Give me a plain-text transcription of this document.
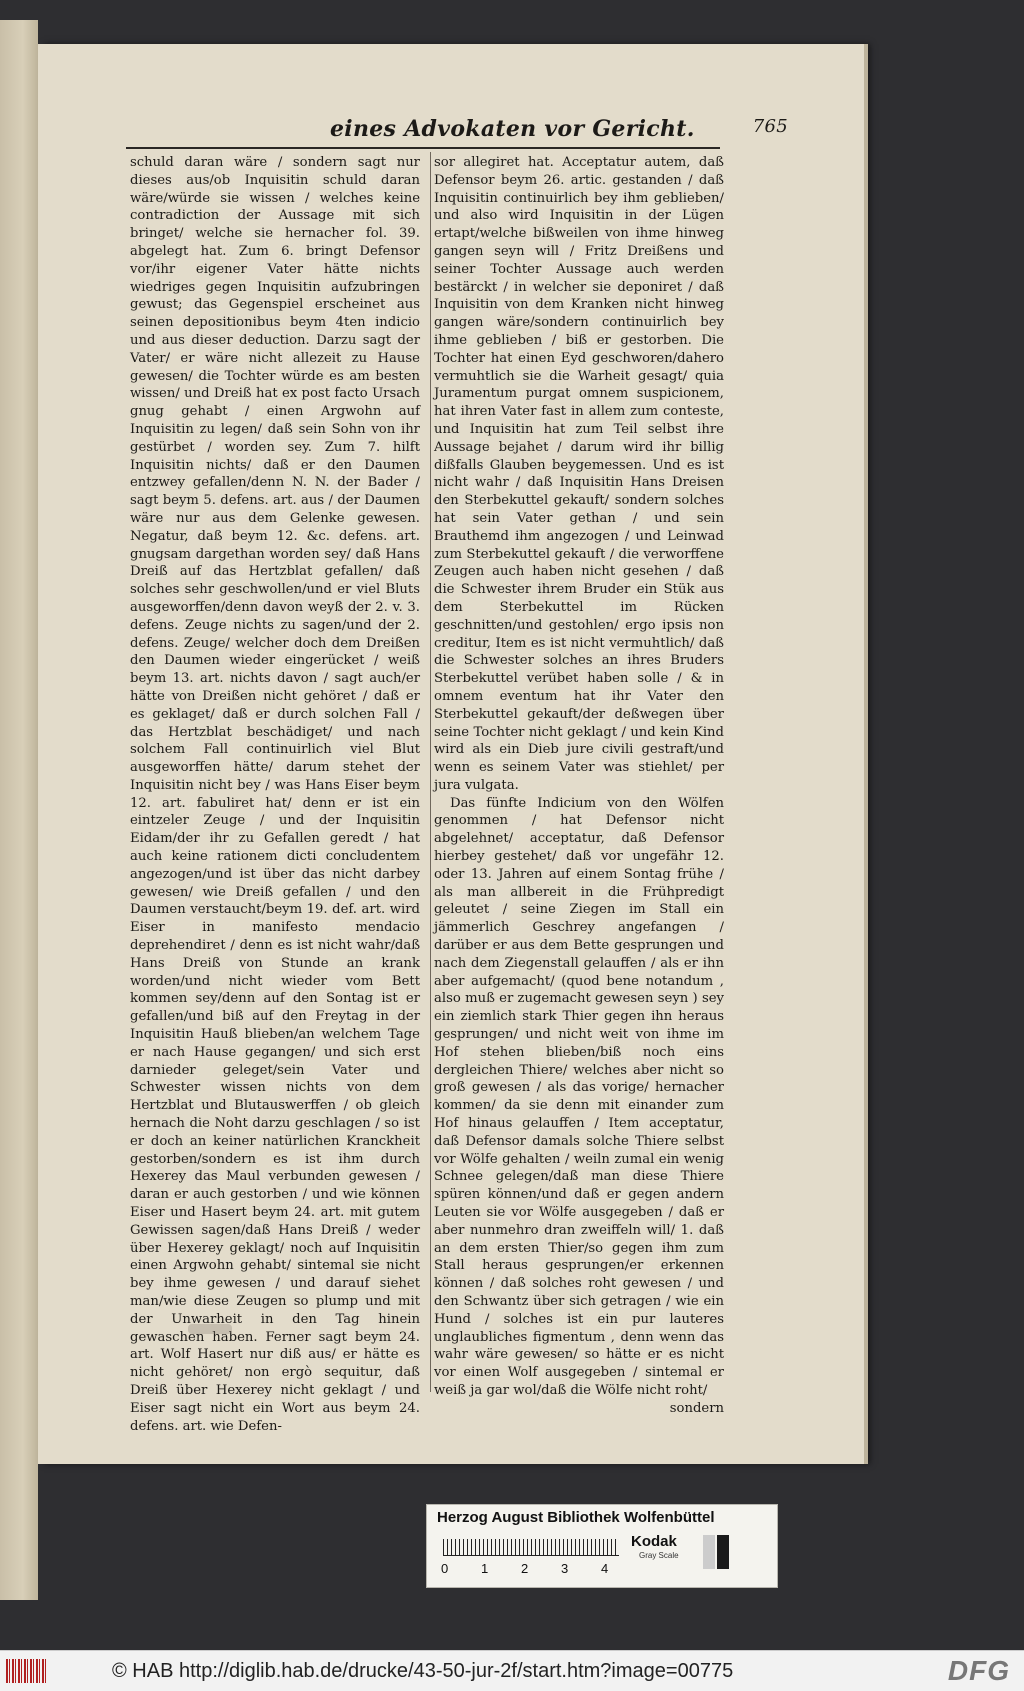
eines Advokaten vor Gericht.	765

schuld daran wäre / sondern sagt nur dieses aus/ob Inquisitin schuld daran wäre/würde sie wissen / welches keine contradiction der Aussage mit sich bringet/ welche sie hernacher fol. 39. abgelegt hat. Zum 6. bringt Defensor vor/ihr eigener Vater hätte nichts wiedriges gegen Inquisitin aufzubringen gewust; das Gegenspiel erscheinet aus seinen depositionibus beym 4ten indicio und aus dieser deduction. Darzu sagt der Vater/ er wäre nicht allezeit zu Hause gewesen/ die Tochter würde es am besten wissen/ und Dreiß hat ex post facto Ursach gnug gehabt / einen Argwohn auf Inquisitin zu legen/ daß sein Sohn von ihr gestürbet / worden sey. Zum 7. hilft Inquisitin nichts/ daß er den Daumen entzwey gefallen/denn N. N. der Bader / sagt beym 5. defens. art. aus / der Daumen wäre nur aus dem Gelenke gewesen. Negatur, daß beym 12. &c. defens. art. gnugsam dargethan worden sey/ daß Hans Dreiß auf das Hertzblat gefallen/ daß solches sehr geschwollen/und er viel Bluts ausgeworffen/denn davon weyß der 2. v. 3. defens. Zeuge nichts zu sagen/und der 2. defens. Zeuge/ welcher doch dem Dreißen den Daumen wieder eingerücket / weiß beym 13. art. nichts davon / sagt auch/er hätte von Dreißen nicht gehöret / daß er es geklaget/ daß er durch solchen Fall / das Hertzblat beschädiget/ und nach solchem Fall continuirlich viel Blut ausgeworffen hätte/ darum stehet der Inquisitin nicht bey / was Hans Eiser beym 12. art. fabuliret hat/ denn er ist ein eintzeler Zeuge / und der Inquisitin Eidam/der ihr zu Gefallen geredt / hat auch keine rationem dicti concludentem angezogen/und ist über das nicht darbey gewesen/ wie Dreiß gefallen / und den Daumen verstaucht/beym 19. def. art. wird Eiser in manifesto mendacio deprehendiret / denn es ist nicht wahr/daß Hans Dreiß von Stunde an krank worden/und nicht wieder vom Bett kommen sey/denn auf den Sontag ist er gefallen/und biß auf den Freytag in der Inquisitin Hauß blieben/an welchem Tage er nach Hause gegangen/ und sich erst darnieder geleget/sein Vater und Schwester wissen nichts von dem Hertzblat und Blutauswerffen / ob gleich hernach die Noht darzu geschlagen / so ist er doch an keiner natürlichen Kranckheit gestorben/sondern es ist ihm durch Hexerey das Maul verbunden gewesen / daran er auch gestorben / und wie können Eiser und Hasert beym 24. art. mit gutem Gewissen sagen/daß Hans Dreiß / weder über Hexerey geklagt/ noch auf Inquisitin einen Argwohn gehabt/ sintemal sie nicht bey ihme gewesen / und darauf siehet man/wie diese Zeugen so plump und mit der Unwarheit in den Tag hinein gewaschen haben. Ferner sagt beym 24. art. Wolf Hasert nur diß aus/ er hätte es nicht gehöret/ non ergò sequitur, daß Dreiß über Hexerey nicht geklagt / und Eiser sagt nicht ein Wort aus beym 24. defens. art. wie Defen-

sor allegiret hat. Acceptatur autem, daß Defensor beym 26. artic. gestanden / daß Inquisitin continuirlich bey ihm geblieben/ und also wird Inquisitin in der Lügen ertapt/welche bißweilen von ihme hinweg gangen seyn will / Fritz Dreißens und seiner Tochter Aussage auch werden bestärckt / in welcher sie deponiret / daß Inquisitin von dem Kranken nicht hinweg gangen wäre/sondern continuirlich bey ihme geblieben / biß er gestorben. Die Tochter hat einen Eyd geschworen/dahero vermuhtlich sie die Warheit gesagt/ quia Juramentum purgat omnem suspicionem, hat ihren Vater fast in allem zum conteste, und Inquisitin hat zum Teil selbst ihre Aussage bejahet / darum wird ihr billig dißfalls Glauben beygemessen. Und es ist nicht wahr / daß Inquisitin Hans Dreisen den Sterbekuttel gekauft/ sondern solches hat sein Vater gethan / und sein Brauthemd ihm angezogen / und Leinwad zum Sterbekuttel gekauft / die verworffene Zeugen auch haben nicht gesehen / daß die Schwester ihrem Bruder ein Stük aus dem Sterbekuttel im Rücken geschnitten/und gestohlen/ ergo ipsis non creditur, Item es ist nicht vermuhtlich/ daß die Schwester solches an ihres Bruders Sterbekuttel verübet haben solle / & in omnem eventum hat ihr Vater den Sterbekuttel gekauft/der deßwegen über seine Tochter nicht geklagt / und kein Kind wird als ein Dieb jure civili gestraft/und wenn es seinem Vater was stiehlet/ per jura vulgata.

Das fünfte Indicium von den Wölfen genommen / hat Defensor nicht abgelehnet/ acceptatur, daß Defensor hierbey gestehet/ daß vor ungefähr 12. oder 13. Jahren auf einem Sontag frühe / als man allbereit in die Frühpredigt geleutet / seine Ziegen im Stall ein jämmerlich Geschrey angefangen / darüber er aus dem Bette gesprungen und nach dem Ziegenstall gelauffen / als er ihn aber aufgemacht/ (quod bene notandum , also muß er zugemacht gewesen seyn ) sey ein ziemlich stark Thier gegen ihn heraus gesprungen/ und nicht weit von ihme im Hof stehen blieben/biß noch eins dergleichen Thiere/ welches aber nicht so groß gewesen / als das vorige/ hernacher kommen/ da sie denn mit einander zum Hof hinaus gelauffen / Item acceptatur, daß Defensor damals solche Thiere selbst vor Wölfe gehalten / weiln zumal ein wenig Schnee gelegen/daß man diese Thiere spüren können/und daß er gegen andern Leuten sie vor Wölfe ausgegeben / daß er aber nunmehro dran zweiffeln will/ 1. daß an dem ersten Thier/so gegen ihm zum Stall heraus gesprungen/er erkennen können / daß solches roht gewesen / und den Schwantz über sich getragen / wie ein Hund / solches ist ein pur lauteres unglaubliches figmentum , denn wenn das wahr wäre gewesen/ so hätte er es nicht vor einen Wolf ausgegeben / sintemal er weiß ja gar wol/daß die Wölfe nicht roht/

sondern
Herzog August Bibliothek Wolfenbüttel
0	1	2	3	4
Kodak
Gray Scale
© HAB http://diglib.hab.de/drucke/43-50-jur-2f/start.htm?image=00775	DFG
